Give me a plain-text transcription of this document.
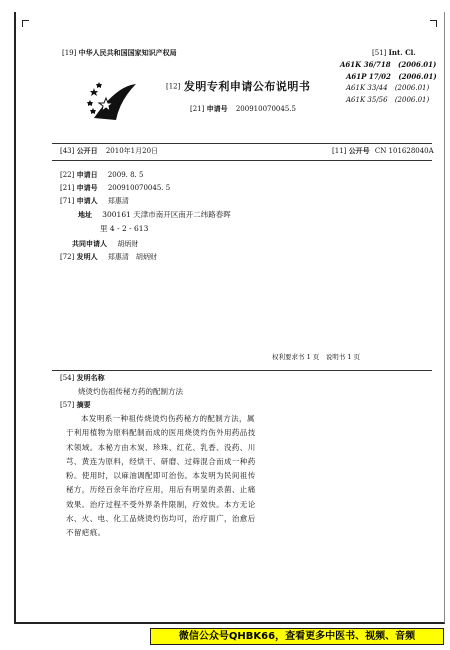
[19] 中华人民共和国国家知识产权局
[12] 发明专利申请公布说明书
[21] 申请号 200910070045.5
[51] Int. Cl.
A61K 36/718 (2006.01)
A61P 17/02 (2006.01)
A61K 33/44 (2006.01)
A61K 35/56 (2006.01)
[43] 公开日 2010年1月20日	[11] 公开号 CN 101628040A
[22] 申请日 2009. 8. 5
[21] 申请号 200910070045. 5
[71] 申请人 郑惠清
地址 300161 天津市南开区南开二纬路春晖
里 4 - 2 - 613
共同申请人 胡炳财
[72] 发明人 郑惠清　胡炳财
权利要求书 1 页　说明书 1 页
[54] 发明名称
烧烫灼伤祖传秘方药的配制方法
[57] 摘要
本发明系一种祖传烧烫灼伤药秘方的配制方法，属于利用植物为原料配制而成的医用烧烫灼伤外用药品技术领域。本秘方由木炭、珍珠、红花、乳香、没药、川芎、黄连为原料，经烘干、研磨、过筛混合而成一种药粉。使用时，以麻油调配即可治伤。本发明为民间祖传秘方，历经百余年治疗应用，用后有明显的杀菌、止痛效果。治疗过程不受外界条件限制，疗效快。本方无论水、火、电、化工品烧烫灼伤均可，治疗面广，治愈后不留疤痕。
微信公众号QHBK66，查看更多中医书、视频、音频
